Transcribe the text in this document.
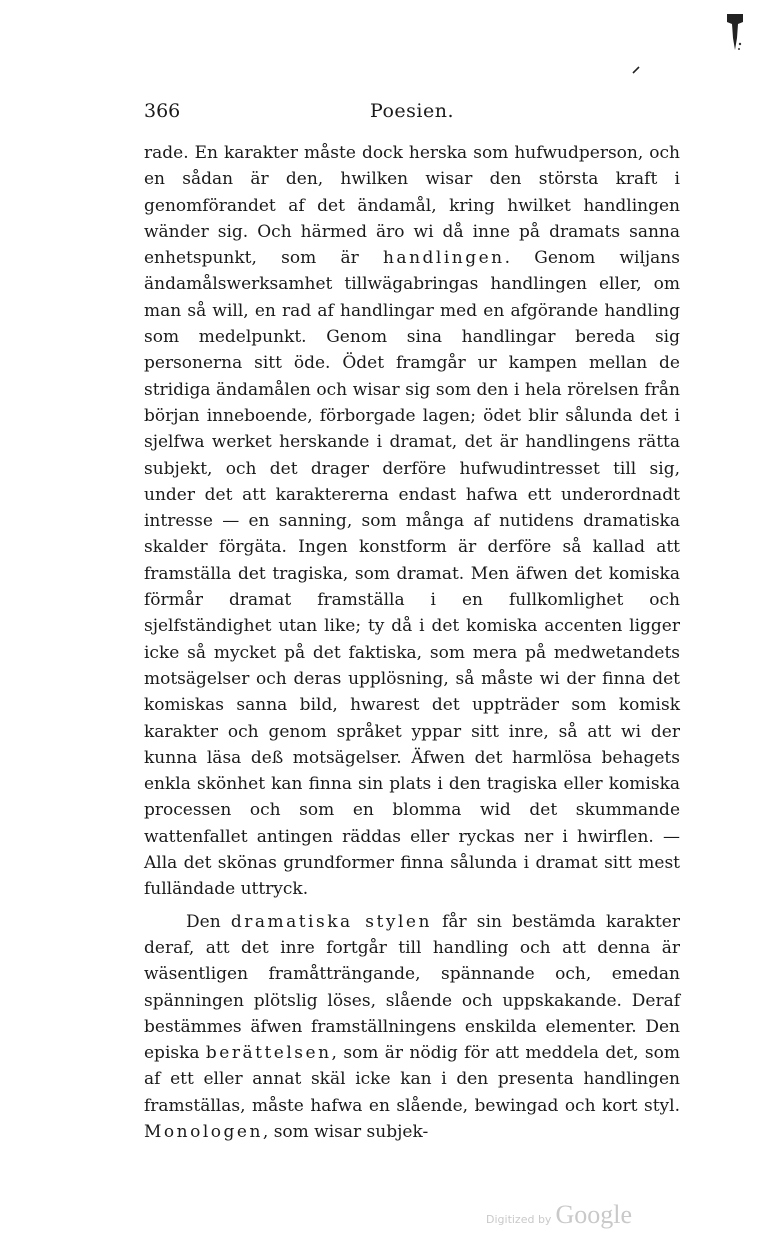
366	Poesien.

rade. En karakter måste dock herska som hufwudperson, och en sådan är den, hwilken wisar den största kraft i genomförandet af det ändamål, kring hwilket handlingen wänder sig. Och härmed äro wi då inne på dramats sanna enhetspunkt, som är handlingen. Genom wiljans ändamålswerksamhet tillwägabringas handlingen eller, om man så will, en rad af handlingar med en afgörande handling som medelpunkt. Genom sina handlingar bereda sig personerna sitt öde. Ödet framgår ur kampen mellan de stridiga ändamålen och wisar sig som den i hela rörelsen från början inneboende, förborgade lagen; ödet blir sålunda det i sjelfwa werket herskande i dramat, det är handlingens rätta subjekt, och det drager derföre hufwudintresset till sig, under det att karaktererna endast hafwa ett underordnadt intresse — en sanning, som många af nutidens dramatiska skalder förgäta. Ingen konstform är derföre så kallad att framställa det tragiska, som dramat. Men äfwen det komiska förmår dramat framställa i en fullkomlighet och sjelfständighet utan like; ty då i det komiska accenten ligger icke så mycket på det faktiska, som mera på medwetandets motsägelser och deras upplösning, så måste wi der finna det komiskas sanna bild, hwarest det uppträder som komisk karakter och genom språket yppar sitt inre, så att wi der kunna läsa deß motsägelser. Äfwen det harmlösa behagets enkla skönhet kan finna sin plats i den tragiska eller komiska processen och som en blomma wid det skummande wattenfallet antingen räddas eller ryckas ner i hwirflen. — Alla det skönas grundformer finna sålunda i dramat sitt mest fulländade uttryck.

Den dramatiska stylen får sin bestämda karakter deraf, att det inre fortgår till handling och att denna är wäsentligen framåtträngande, spännande och, emedan spänningen plötslig löses, slående och uppskakande. Deraf bestämmes äfwen framställningens enskilda elementer. Den episka berättelsen, som är nödig för att meddela det, som af ett eller annat skäl icke kan i den presenta handlingen framställas, måste hafwa en slående, bewingad och kort styl. Monologen, som wisar subjek-

Digitized by Google
